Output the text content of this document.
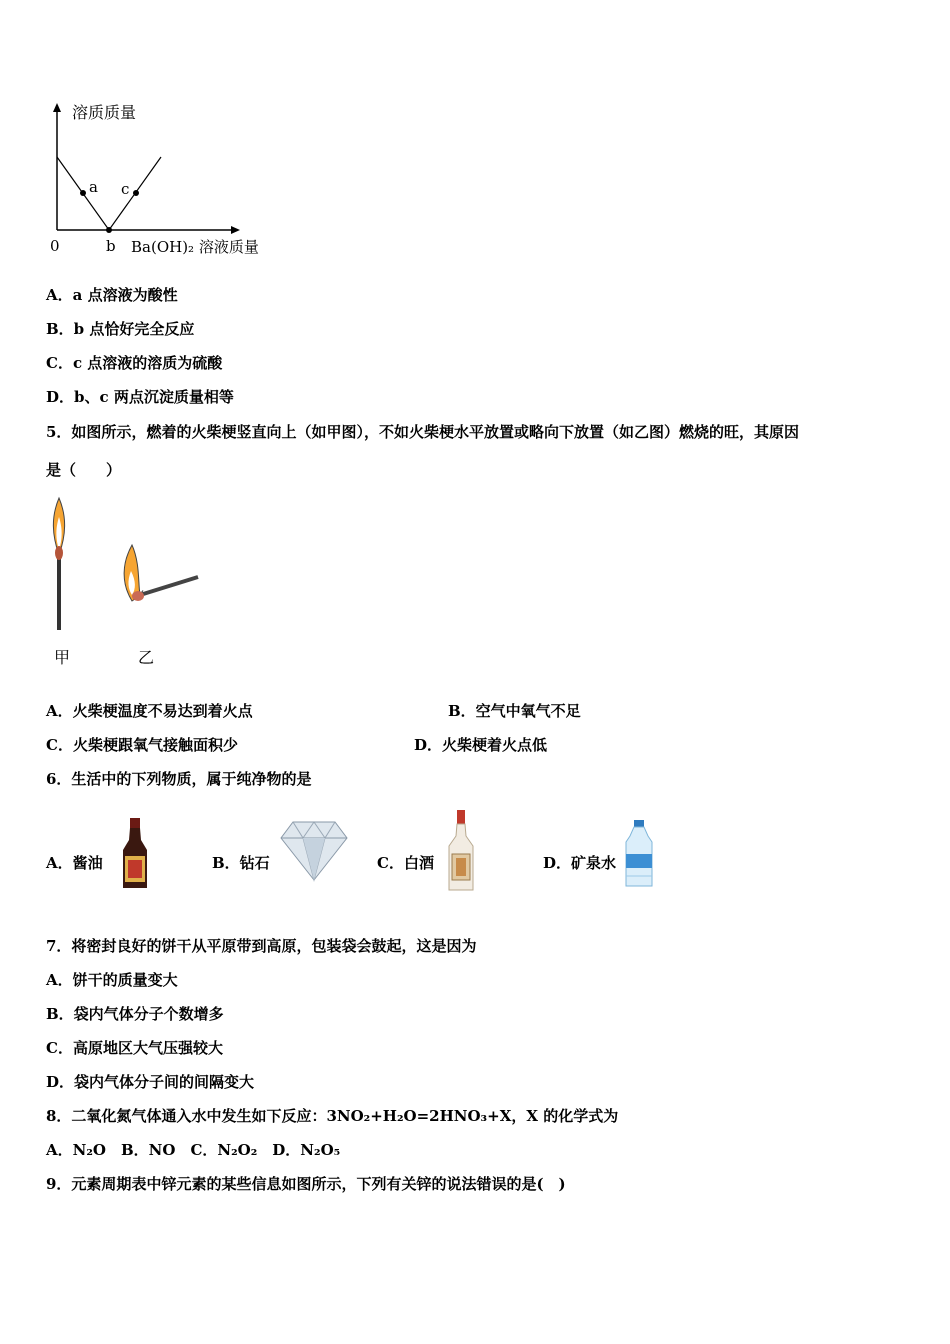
溶质质量
a c
0	b Ba(OH)₂ 溶液质量
A．a 点溶液为酸性
B．b 点恰好完全反应
C．c 点溶液的溶质为硫酸
D．b、c 两点沉淀质量相等
5．如图所示，燃着的火柴梗竖直向上（如甲图），不如火柴梗水平放置或略向下放置（如乙图）燃烧的旺，其原因
是（　　）
甲	乙
A．火柴梗温度不易达到着火点	B．空气中氧气不足
C．火柴梗跟氧气接触面积少	D．火柴梗着火点低
6．生活中的下列物质，属于纯净物的是
A．酱油	B．钻石	C．白酒	D．矿泉水
7．将密封良好的饼干从平原带到高原，包装袋会鼓起，这是因为
A．饼干的质量变大
B．袋内气体分子个数增多
C．高原地区大气压强较大
D．袋内气体分子间的间隔变大
8．二氧化氮气体通入水中发生如下反应：3NO₂+H₂O=2HNO₃+X，X 的化学式为
A．N₂O　B．NO　C．N₂O₂　D．N₂O₅
9．元素周期表中锌元素的某些信息如图所示，下列有关锌的说法错误的是(　)
